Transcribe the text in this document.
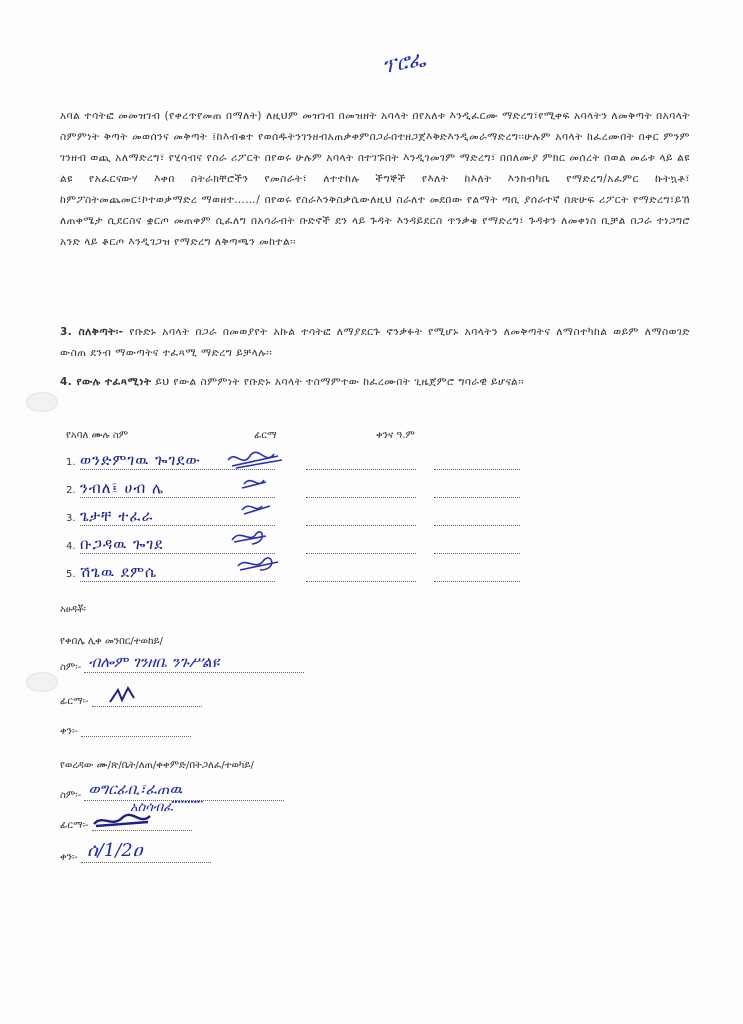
ፕሮፌ
አባል ተሳትፎ መመዝገብ (የቀረጥየመጠ በማለት) ለዚህም መዝገብ በመዝዘት አባላት በየአለቱ እንዲፈርሙ ማድረግ፣የሚቀፍ አባላትን ለመቅጣት በአባላት ስምምነት ቅጣት መወሰንና መቅጣት ፤ከእብቁተ የወሰዱትንገንዘብአጠቃቀምበጋራበተዘጋጀእቅድእንዲመራማድረግ፡፡ሁሉም አባላት ከፈረሙበት በቀር ምንም ገንዘብ ወጪ አለማድረግ፣ የሂሳብና የስራ ሪፖርት በየወሩ ሁሉም አባላት በተገኙበት እንዲገመገም ማድረግ፣ በበለሙያ ምክር መሰረት በወል መሬቱ ላይ ልዩ ልዩ የአፈርናውሃ እቀበ ስትራክቸሮችን የመስራት፣ ለተተከሉ ችግኞች የእለት ከእለት እንክብካቤ የማድረግ/አፈምር ኩትኳቶ፣ ከምፖስትመጨመር፣ኮተወቃማድረ ማወዘተ……/ በየወሩ የስራእንቅስቃሴውለዚህ ስራለተ መደበው የልማት ጣቢ ያሰራተኛ በጽሁፍ ሪፖርት የማድረግ፣ይኸ ለጠቀሜታ ሲደርስና ቋርጦ መጠቀም ሲፈለግ በአሳራብት ቡድኖች ደን ላይ ጉዳት እንዳይደርስ ጥንቃቄ የማድረግ፣ ጉዳቱን ለመቀነስ ቢቻል በጋራ ተነጋግሮ አንድ ላይ ቆርጦ እንዲገጋዝ የማድረግ ለቅጣጫን መከተል፡፡
3. ስለቅጣት፡- የቡድኑ አባላት በጋራ በመወያየት አኩል ተሳትፎ ለማያደርጉ ኖንቃፉት የሚሆኑ አባላትን ለመቅጣትና ለማስተካከል ወይም ለማስወገድ ውስጠ ደንብ ማውጣትና ተፈጻሚ ማድረግ ይቻላሉ፡፡
4. የውሉ ተፈጻሚነት ይህ የውል ስምምነት የቡድኑ አባላት ተስማምተው ከፈረሙበት ጊዜጀምሮ ግባራዊ ይሆናል፡፡
የአባለ ሙሉ ስም	ፊርማ	ቀንና ዓ.ም
1. ወንድምገዉ ጐገደው
2. ንብለ፤ ሀብ ሌ
3. ጌታቸ ተፈራ
4. ቡጋዳዉ ጐገደ
5. ሽጌዉ ደምሴ
አፀዳቾ፡
የቀበሌ ሊቀ መንበር/ተወከይ/
ስም፡- ብሎም ገንዘቤ ንጉሥልዩ
ፊርማ፡-
ቀን፡-
የወረዳው ሙ/ጽ/ቤት/ለጠ/ቀቀምድ/በትጋለፈ/ተወካይ/
ስም፡- ወግርፊቢ፣ፈጠዉ
አስሳብፈ ፟፟፟ ፟ ፟ ፟ ፟ ፟ ፟ ፟፟፟ ፟
ፊርማ፡-
ቀን፡- ሰ/1/2ዐ
